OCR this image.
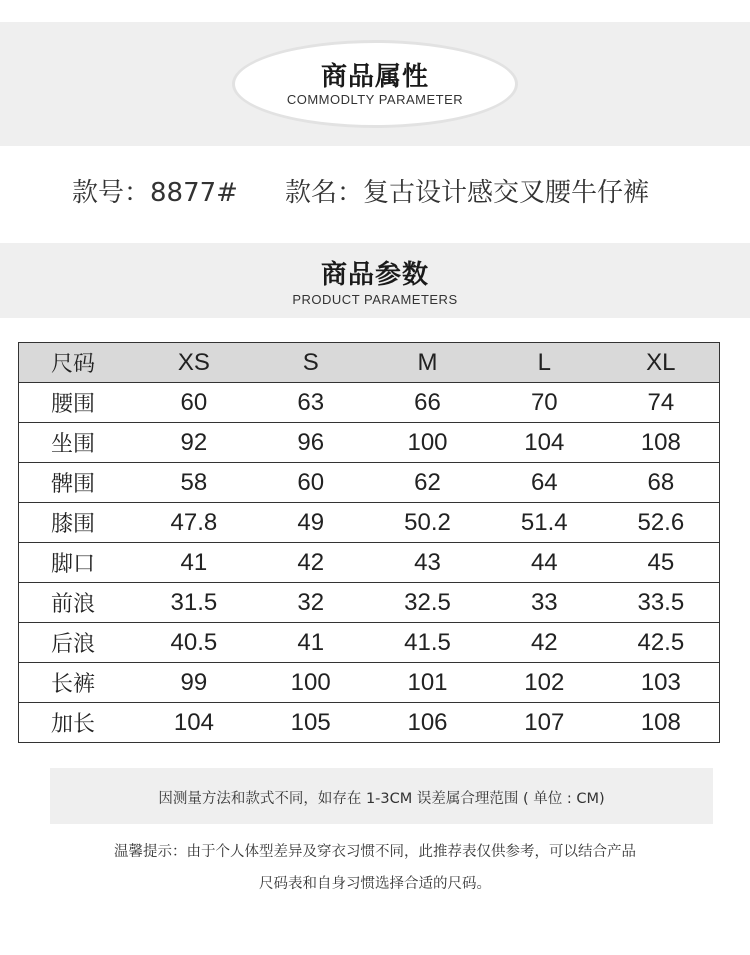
商品属性
COMMODLTY PARAMETER
款号：8877# 款名：复古设计感交叉腰牛仔裤
商品参数
PRODUCT PARAMETERS
尺码	XS	S	M	L	XL
腰围	60	63	66	70	74
坐围	92	96	100	104	108
髀围	58	60	62	64	68
膝围	47.8	49	50.2	51.4	52.6
脚口	41	42	43	44	45
前浪	31.5	32	32.5	33	33.5
后浪	40.5	41	41.5	42	42.5
长裤	99	100	101	102	103
加长	104	105	106	107	108
因测量方法和款式不同，如存在 1-3CM 误差属合理范围 ( 单位 : CM)
温馨提示：由于个人体型差异及穿衣习惯不同，此推荐表仅供参考，可以结合产品
尺码表和自身习惯选择合适的尺码。
